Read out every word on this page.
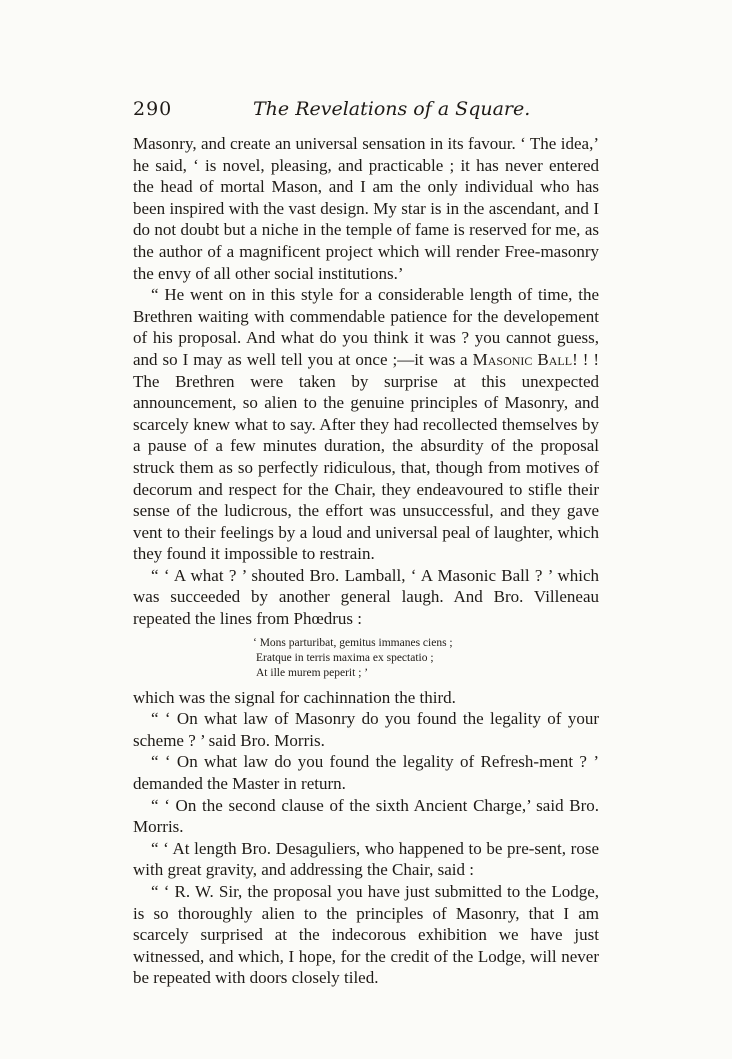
290	The Revelations of a Square.

Masonry, and create an universal sensation in its favour. ‘ The idea,’ he said, ‘ is novel, pleasing, and practicable ; it has never entered the head of mortal Mason, and I am the only individual who has been inspired with the vast design. My star is in the ascendant, and I do not doubt but a niche in the temple of fame is reserved for me, as the author of a magnificent project which will render Free-masonry the envy of all other social institutions.’

“ He went on in this style for a considerable length of time, the Brethren waiting with commendable patience for the developement of his proposal. And what do you think it was ? you cannot guess, and so I may as well tell you at once ;—it was a Masonic Ball! ! ! The Brethren were taken by surprise at this unexpected announcement, so alien to the genuine principles of Masonry, and scarcely knew what to say. After they had recollected themselves by a pause of a few minutes duration, the absurdity of the proposal struck them as so perfectly ridiculous, that, though from motives of decorum and respect for the Chair, they endeavoured to stifle their sense of the ludicrous, the effort was unsuccessful, and they gave vent to their feelings by a loud and universal peal of laughter, which they found it impossible to restrain.

“ ‘ A what ? ’ shouted Bro. Lamball, ‘ A Masonic Ball ? ’ which was succeeded by another general laugh. And Bro. Villeneau repeated the lines from Phœdrus :

‘ Mons parturibat, gemitus immanes ciens ;
Eratque in terris maxima ex spectatio ;
At ille murem peperit ; ’

which was the signal for cachinnation the third.

“ ‘ On what law of Masonry do you found the legality of your scheme ? ’ said Bro. Morris.

“ ‘ On what law do you found the legality of Refresh-ment ? ’ demanded the Master in return.

“ ‘ On the second clause of the sixth Ancient Charge,’ said Bro. Morris.

“ ‘ At length Bro. Desaguliers, who happened to be pre-sent, rose with great gravity, and addressing the Chair, said :

“ ‘ R. W. Sir, the proposal you have just submitted to the Lodge, is so thoroughly alien to the principles of Masonry, that I am scarcely surprised at the indecorous exhibition we have just witnessed, and which, I hope, for the credit of the Lodge, will never be repeated with doors closely tiled.
